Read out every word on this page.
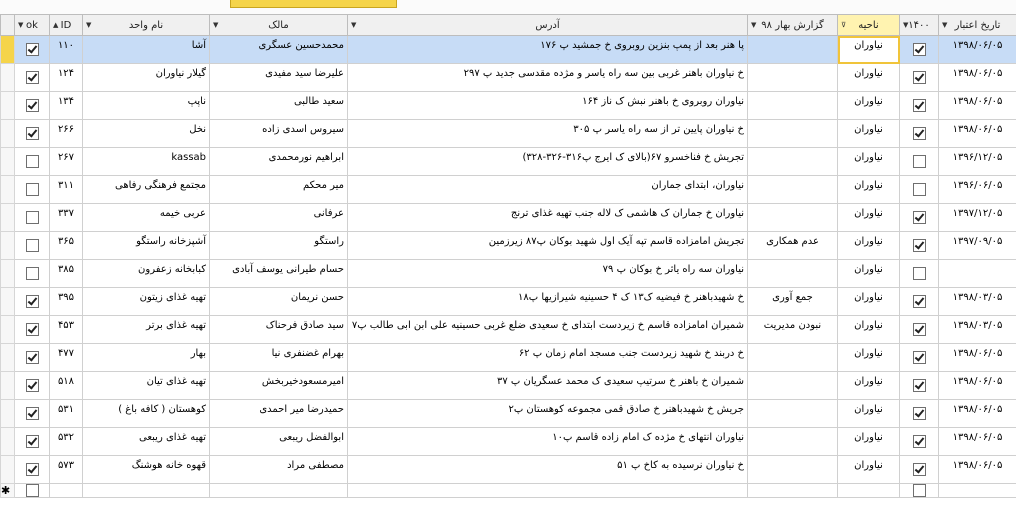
	▼ ok	▲ ID	▼ نام واحد	▼ مالک	▼ آدرس	▼ گزارش بهار ۹۸	⊽ ناحیه	▼ ۱۴۰۰	▼ تاریخ اعتبار
		۱۱۰	آشا	محمدحسین عسگری	پا هنر بعد از پمپ بنزین روبروی خ جمشید پ ۱۷۶		نیاوران		۱۳۹۸/۰۶/۰۵
		۱۲۴	گیلار نیاوران	علیرضا سید مفیدی	خ نیاوران باهنر غربی بین سه راه یاسر و مژده مقدسی جدید پ ۲۹۷		نیاوران		۱۳۹۸/۰۶/۰۵
		۱۳۴	ناپپ	سعید طالبی	نیاوران روبروی خ باهنر نبش ک ناز ۱۶۴		نیاوران		۱۳۹۸/۰۶/۰۵
		۲۶۶	نخل	سیروس اسدی زاده	خ نیاوران پایین تر از سه راه یاسر پ ۳۰۵		نیاوران		۱۳۹۸/۰۶/۰۵
		۲۶۷	kassab	ابراهیم نورمحمدی	تجریش خ فناخسرو ۶۷(بالای ک ایرج پ۳۱۶-۳۲۶-۳۲۸)		نیاوران		۱۳۹۶/۱۲/۰۵
		۳۱۱	مجتمع فرهنگی رفاهی	میر محکم	نیاوران، ابتدای جماران		نیاوران		۱۳۹۶/۰۶/۰۵
		۳۳۷	عربی خیمه	عرفانی	نیاوران خ جماران ک هاشمی ک لاله جنب تهیه غذای ترنج		نیاوران		۱۳۹۷/۱۲/۰۵
		۳۶۵	آشپزخانه راستگو	راستگو	تجریش امامزاده قاسم تپه آیک اول شهید بوکان پ۸۷ زیرزمین	عدم همکاری	نیاوران		۱۳۹۷/۰۹/۰۵
		۳۸۵	کبابخانه زعفرون	حسام طیرانی یوسف آبادی	نیاوران سه راه یاثر خ بوکان پ ۷۹		نیاوران		
		۳۹۵	تهیه غذای زیتون	حسن نریمان	خ شهیدباهنر خ فیضیه ک۱۳ ک ۴ حسینیه شیرازیها پ۱۸	جمع آوری	نیاوران		۱۳۹۸/۰۳/۰۵
		۴۵۳	تهیه غذای برتر	سید صادق فرحناک	شمیران امامزاده قاسم خ زیردست ابتدای خ سعیدی ضلع غربی حسینیه علی ابن ابی طالب پ۷	نبودن مدیریت	نیاوران		۱۳۹۸/۰۳/۰۵
		۴۷۷	بهار	بهرام غضنفری نیا	خ دربند خ شهید زیردست جنب مسجد امام زمان پ ۶۲		نیاوران		۱۳۹۸/۰۶/۰۵
		۵۱۸	تهیه غذای تیان	امیرمسعودخیربخش	شمیران خ باهنر خ سرتیپ سعیدی ک محمد عسگریان پ ۳۷		نیاوران		۱۳۹۸/۰۶/۰۵
		۵۳۱	کوهستان ( کافه باغ )	حمیدرضا میر احمدی	جریش خ شهیدباهنر خ صادق قمی مجموعه کوهستان پ۲		نیاوران		۱۳۹۸/۰۶/۰۵
		۵۳۲	تهیه غذای ریبعی	ابوالفضل ریبعی	نیاوران انتهای خ مژده ک امام زاده قاسم پ۱۰		نیاوران		۱۳۹۸/۰۶/۰۵
		۵۷۳	قهوه خانه هوشنگ	مصطفی مراد	خ نیاوران نرسیده به کاخ پ ۵۱		نیاوران		۱۳۹۸/۰۶/۰۵
✱									
